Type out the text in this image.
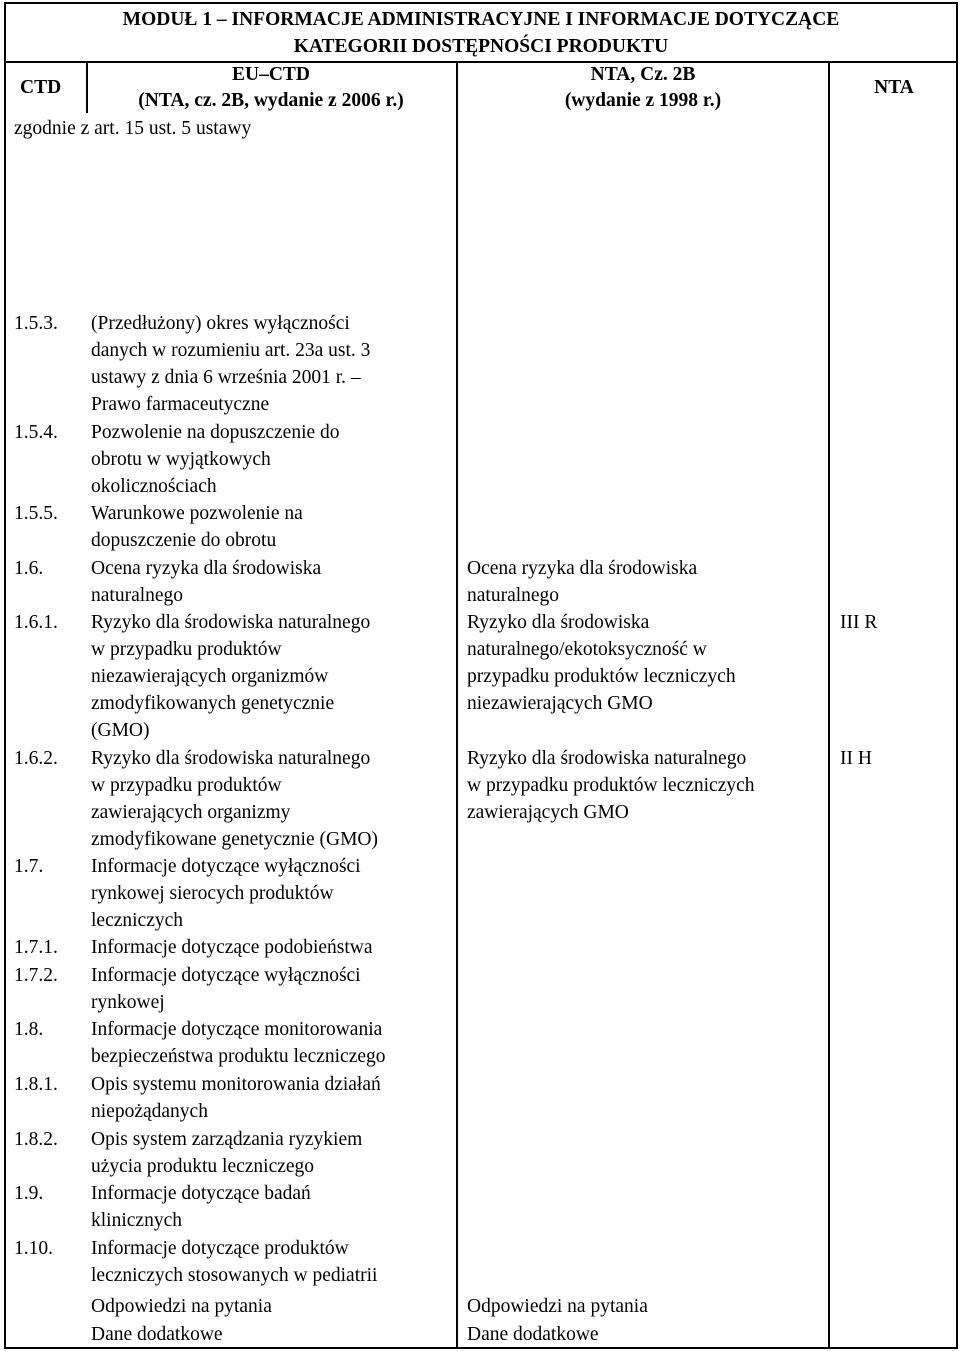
MODUŁ 1 – INFORMACJE ADMINISTRACYJNE I INFORMACJE DOTYCZĄCE
KATEGORII DOSTĘPNOŚCI PRODUKTU
CTD
EU–CTD
(NTA, cz. 2B, wydanie z 2006 r.)
zgodnie z art. 15 ust. 5 ustawy
NTA, Cz. 2B
(wydanie z 1998 r.)
NTA
1.5.3. (Przedłużony) okres wyłączności
danych w rozumieniu art. 23a ust. 3
ustawy z dnia 6 września 2001 r. –
Prawo farmaceutyczne
1.5.4. Pozwolenie na dopuszczenie do
obrotu w wyjątkowych
okolicznościach
1.5.5. Warunkowe pozwolenie na
dopuszczenie do obrotu
1.6. Ocena ryzyka dla środowiska
naturalnego
Ocena ryzyka dla środowiska
naturalnego
1.6.1. Ryzyko dla środowiska naturalnego
w przypadku produktów
niezawierających organizmów
zmodyfikowanych genetycznie
(GMO)
Ryzyko dla środowiska
naturalnego/ekotoksyczność w
przypadku produktów leczniczych
niezawierających GMO
III R
1.6.2. Ryzyko dla środowiska naturalnego
w przypadku produktów
zawierających organizmy
zmodyfikowane genetycznie (GMO)
Ryzyko dla środowiska naturalnego
w przypadku produktów leczniczych
zawierających GMO
II H
1.7. Informacje dotyczące wyłączności
rynkowej sierocych produktów
leczniczych
1.7.1. Informacje dotyczące podobieństwa
1.7.2. Informacje dotyczące wyłączności
rynkowej
1.8. Informacje dotyczące monitorowania
bezpieczeństwa produktu leczniczego
1.8.1. Opis systemu monitorowania działań
niepożądanych
1.8.2. Opis system zarządzania ryzykiem
użycia produktu leczniczego
1.9. Informacje dotyczące badań
klinicznych
1.10. Informacje dotyczące produktów
leczniczych stosowanych w pediatrii
Odpowiedzi na pytania	Odpowiedzi na pytania
Dane dodatkowe	Dane dodatkowe
